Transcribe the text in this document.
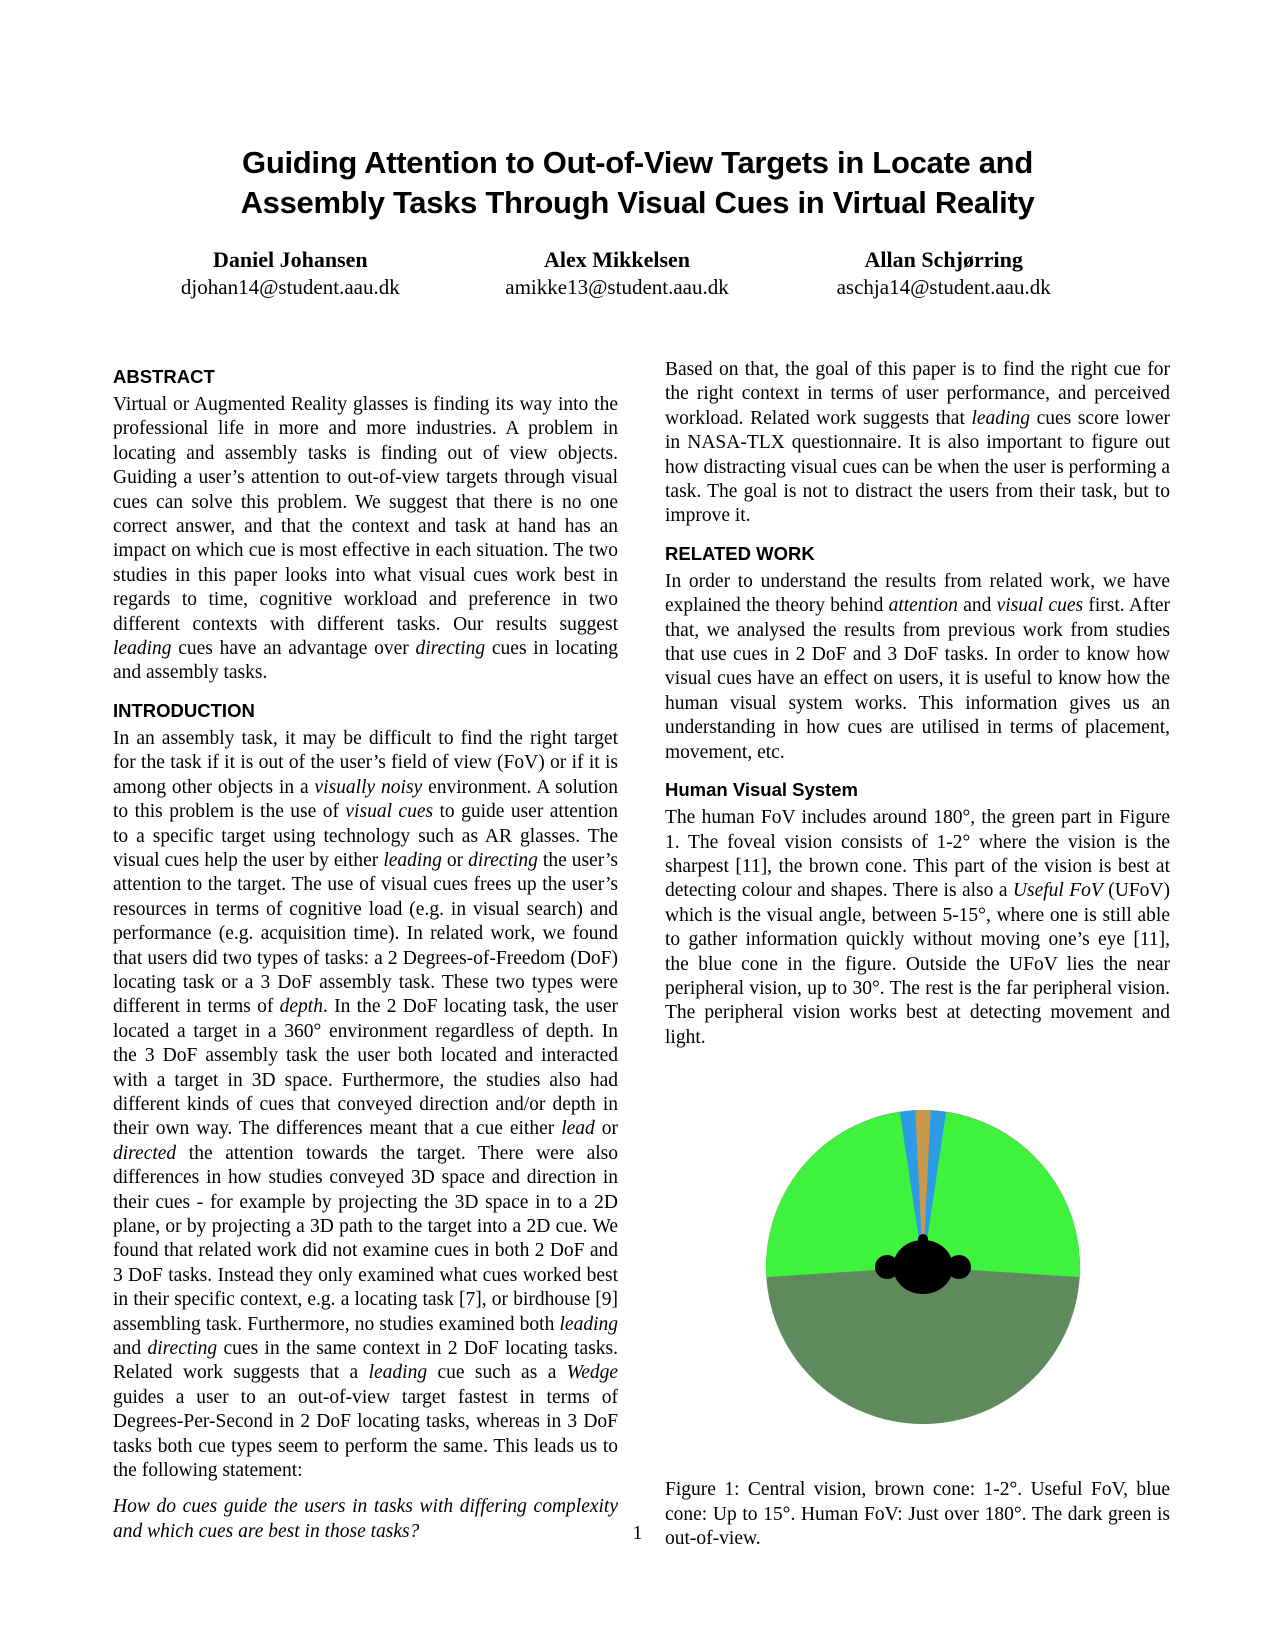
Guiding Attention to Out-of-View Targets in Locate and
Assembly Tasks Through Visual Cues in Virtual Reality
Daniel Johansen
djohan14@student.aau.dk
Alex Mikkelsen
amikke13@student.aau.dk
Allan Schjørring
aschja14@student.aau.dk
ABSTRACT

Virtual or Augmented Reality glasses is finding its way into the professional life in more and more industries. A problem in locating and assembly tasks is finding out of view objects. Guiding a user’s attention to out-of-view targets through visual cues can solve this problem. We suggest that there is no one correct answer, and that the context and task at hand has an impact on which cue is most effective in each situation. The two studies in this paper looks into what visual cues work best in regards to time, cognitive workload and preference in two different contexts with different tasks. Our results suggest leading cues have an advantage over directing cues in locating and assembly tasks.

INTRODUCTION

In an assembly task, it may be difficult to find the right target for the task if it is out of the user’s field of view (FoV) or if it is among other objects in a visually noisy environment. A solution to this problem is the use of visual cues to guide user attention to a specific target using technology such as AR glasses. The visual cues help the user by either leading or directing the user’s attention to the target. The use of visual cues frees up the user’s resources in terms of cognitive load (e.g. in visual search) and performance (e.g. acquisition time). In related work, we found that users did two types of tasks: a 2 Degrees-of-Freedom (DoF) locating task or a 3 DoF assembly task. These two types were different in terms of depth. In the 2 DoF locating task, the user located a target in a 360° environment regardless of depth. In the 3 DoF assembly task the user both located and interacted with a target in 3D space. Furthermore, the studies also had different kinds of cues that conveyed direction and/or depth in their own way. The differences meant that a cue either lead or directed the attention towards the target. There were also differences in how studies conveyed 3D space and direction in their cues - for example by projecting the 3D space in to a 2D plane, or by projecting a 3D path to the target into a 2D cue. We found that related work did not examine cues in both 2 DoF and 3 DoF tasks. Instead they only examined what cues worked best in their specific context, e.g. a locating task [7], or birdhouse [9] assembling task. Furthermore, no studies examined both leading and directing cues in the same context in 2 DoF locating tasks. Related work suggests that a leading cue such as a Wedge guides a user to an out-of-view target fastest in terms of Degrees-Per-Second in 2 DoF locating tasks, whereas in 3 DoF tasks both cue types seem to perform the same. This leads us to the following statement:

How do cues guide the users in tasks with differing complexity and which cues are best in those tasks?

Based on that, the goal of this paper is to find the right cue for the right context in terms of user performance, and perceived workload. Related work suggests that leading cues score lower in NASA-TLX questionnaire. It is also important to figure out how distracting visual cues can be when the user is performing a task. The goal is not to distract the users from their task, but to improve it.

RELATED WORK

In order to understand the results from related work, we have explained the theory behind attention and visual cues first. After that, we analysed the results from previous work from studies that use cues in 2 DoF and 3 DoF tasks. In order to know how visual cues have an effect on users, it is useful to know how the human visual system works. This information gives us an understanding in how cues are utilised in terms of placement, movement, etc.

Human Visual System

The human FoV includes around 180°, the green part in Figure 1. The foveal vision consists of 1-2° where the vision is the sharpest [11], the brown cone. This part of the vision is best at detecting colour and shapes. There is also a Useful FoV (UFoV) which is the visual angle, between 5-15°, where one is still able to gather information quickly without moving one’s eye [11], the blue cone in the figure. Outside the UFoV lies the near peripheral vision, up to 30°. The rest is the far peripheral vision. The peripheral vision works best at detecting movement and light.

Figure 1: Central vision, brown cone: 1-2°. Useful FoV, blue cone: Up to 15°. Human FoV: Just over 180°. The dark green is out-of-view.
1
